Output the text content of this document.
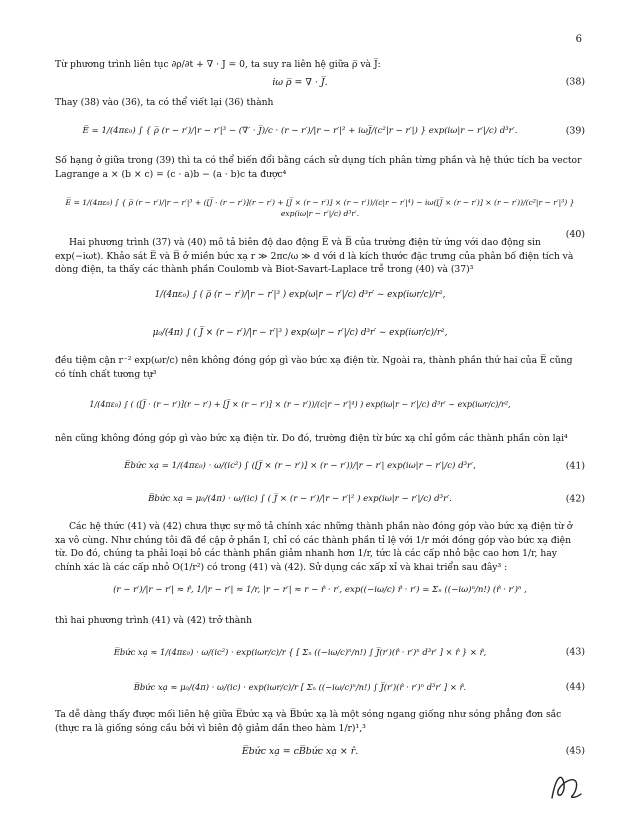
6
Từ phương trình liên tục ∂ρ/∂t + ∇ · J = 0, ta suy ra liên hệ giữa ρ̅ và J̅:
iω ρ̅ = ∇ · J̅.	(38)
Thay (38) vào (36), ta có thể viết lại (36) thành
E̅ = 1/(4πε₀) ∫ { ρ̅ (r − r′)/|r − r′|³ − (∇′ · J̅)/c · (r − r′)/|r − r′|² + iωJ̅/(c²|r − r′|) } exp(iω|r − r′|/c) d³r′.	(39)
Số hạng ở giữa trong (39) thì ta có thể biến đổi bằng cách sử dụng tích phân từng phần và hệ thức tích ba vector Lagrange a × (b × c) = (c · a)b − (a · b)c ta được⁴
E̅ = 1/(4πε₀) ∫ { ρ̅ (r − r′)/|r − r′|³ + ([J̅ · (r − r′)](r − r′) + [J̅ × (r − r′)] × (r − r′))/(c|r − r′|⁴) − iω([J̅ × (r − r′)] × (r − r′))/(c²|r − r′|³) } exp(iω|r − r′|/c) d³r′.
(40)
Hai phương trình (37) và (40) mô tả biên độ dao động E̅ và B̅ của trường điện từ ứng với dao động sin exp(−iωt). Khảo sát E̅ và B̅ ở miền bức xạ r ≫ 2πc/ω ≫ d với d là kích thước đặc trưng của phân bố điện tích và dòng điện, ta thấy các thành phần Coulomb và Biot-Savart-Laplace trễ trong (40) và (37)³
1/(4πε₀) ∫ ( ρ̅ (r − r′)/|r − r′|³ ) exp(ω|r − r′|/c) d³r′ ∼ exp(iωr/c)/r²,
μ₀/(4π) ∫ ( J̅ × (r − r′)/|r − r′|³ ) exp(ω|r − r′|/c) d³r′ ∼ exp(iωr/c)/r²,
đều tiệm cận r⁻² exp(ωr/c) nên không đóng góp gì vào bức xạ điện từ. Ngoài ra, thành phần thứ hai của E̅ cũng có tính chất tương tự³
1/(4πε₀) ∫ ( ([J̅ · (r − r′)](r − r′) + [J̅ × (r − r′)] × (r − r′))/(c|r − r′|⁴) ) exp(iω|r − r′|/c) d³r′ ∼ exp(iωr/c)/r²,
nên cũng không đóng góp gì vào bức xạ điện từ. Do đó, trường điện từ bức xạ chỉ gồm các thành phần còn lại⁴
E̅bức xạ = 1/(4πε₀) · ω/(ic²) ∫ ([J̅ × (r − r′)] × (r − r′))/|r − r′| exp(iω|r − r′|/c) d³r′,	(41)
B̅bức xạ = μ₀/(4π) · ω/(ic) ∫ ( J̅ × (r − r′)/|r − r′|² ) exp(iω|r − r′|/c) d³r′.	(42)
Các hệ thức (41) và (42) chưa thực sự mô tả chính xác những thành phần nào đóng góp vào bức xạ điện từ ở xa vô cùng. Như chúng tôi đã đề cập ở phần I, chỉ có các thành phần tỉ lệ với 1/r mới đóng góp vào bức xạ điện từ. Do đó, chúng ta phải loại bỏ các thành phần giảm nhanh hơn 1/r, tức là các cấp nhỏ bậc cao hơn 1/r, hay chính xác là các cấp nhỏ O(1/r²) có trong (41) và (42). Sử dụng các xấp xỉ và khai triển sau đây³ :
(r − r′)/|r − r′| ≈ r̂, 1/|r − r′| ≈ 1/r, |r − r′| ≈ r − r̂ · r′, exp((−iω/c) r̂ · r′) = Σₙ ((−iω)ⁿ/n!) (r̂ · r′)ⁿ ,
thì hai phương trình (41) và (42) trở thành
E̅bức xạ ≈ 1/(4πε₀) · ω/(ic²) · exp(iωr/c)/r { [ Σₙ ((−iω/c)ⁿ/n!) ∫ J̅(r′)(r̂ · r′)ⁿ d³r′ ] × r̂ } × r̂,	(43)
B̅bức xạ ≈ μ₀/(4π) · ω/(ic) · exp(iωr/c)/r [ Σₙ ((−iω/c)ⁿ/n!) ∫ J̅(r′)(r̂ · r′)ⁿ d³r′ ] × r̂.	(44)
Ta dễ dàng thấy được mối liên hệ giữa E̅bức xạ và B̅bức xạ là một sóng ngang giống như sóng phẳng đơn sắc (thực ra là giống sóng cầu bởi vì biên độ giảm dần theo hàm 1/r)¹,³
E̅bức xạ = cB̅bức xạ × r̂.	(45)
